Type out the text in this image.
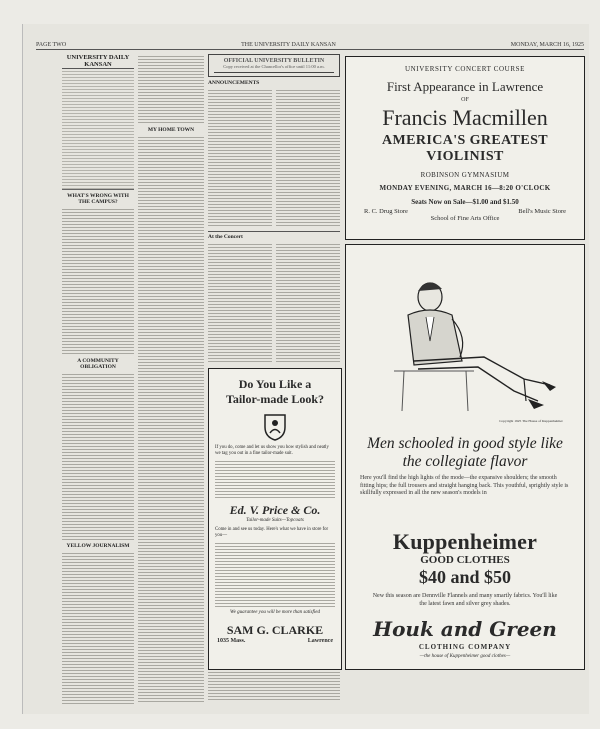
PAGE TWO	THE UNIVERSITY DAILY KANSAN	MONDAY, MARCH 16, 1925
UNIVERSITY DAILY KANSAN
WHAT'S WRONG WITH THE CAMPUS?
A COMMUNITY OBLIGATION
YELLOW JOURNALISM
MY HOME TOWN
OFFICIAL UNIVERSITY BULLETIN
Copy received at the Chancellor's office until 11:00 a.m.
ANNOUNCEMENTS
At the Concert
UNIVERSITY CONCERT COURSE
First Appearance in Lawrence
OF
Francis Macmillen
AMERICA'S GREATEST
VIOLINIST
ROBINSON GYMNASIUM
MONDAY EVENING, MARCH 16—8:20 O'CLOCK
Seats Now on Sale—$1.00 and $1.50
R. C. Drug Store	Bell's Music Store
School of Fine Arts Office
Do You Like a
Tailor-made Look?
If you do, come and let us show you how stylish and neatly we tag you out in a fine tailor-made suit.
Ed. V. Price & Co.
Tailor-made Suits—Topcoats
Come in and see us today. Here's what we have in store for you—
We guarantee you will be more than satisfied
SAM G. CLARKE
1035 Mass.	Lawrence
Copyright 1925 The House of Kuppenheimer
Men schooled in good style like the collegiate flavor
Here you'll find the high lights of the mode—the expansive shoulders; the smooth fitting hips; the full trousers and straight hanging back. This youthful, sprightly style is skillfully expressed in all the new season's models in
Kuppenheimer
GOOD CLOTHES
$40 and $50
New this season are Dennville Flannels and many smartly fabrics. You'll like the latest fawn and silver grey shades.
Houk and Green
CLOTHING COMPANY
—the house of Kuppenheimer good clothes—
